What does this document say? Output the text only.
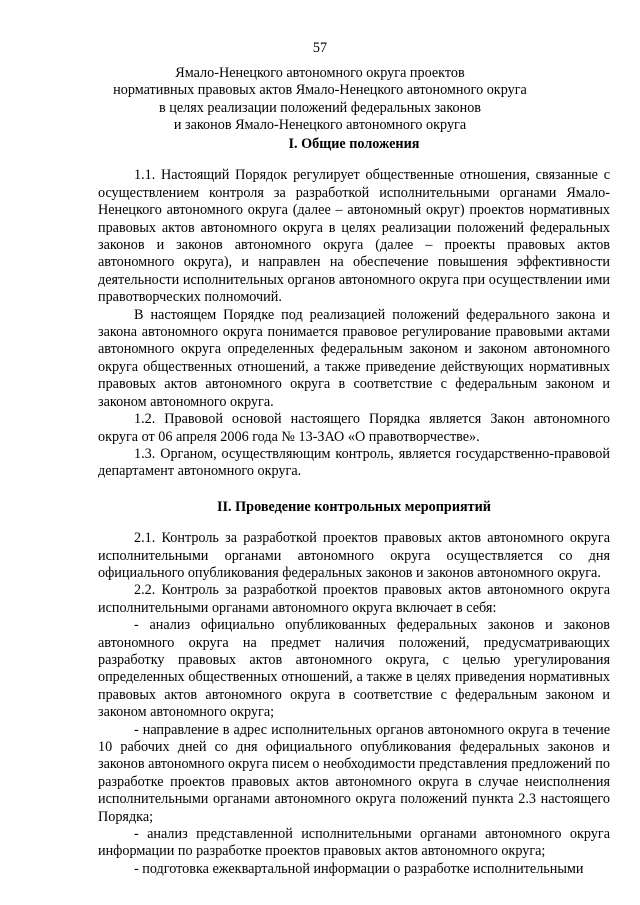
57
Ямало-Ненецкого автономного округа проектов
нормативных правовых актов Ямало-Ненецкого автономного округа
в целях реализации положений федеральных законов
и законов Ямало-Ненецкого автономного округа
I. Общие положения

1.1. Настоящий Порядок регулирует общественные отношения, связанные с осуществлением контроля за разработкой исполнительными органами Ямало-Ненецкого автономного округа (далее – автономный округ) проектов нормативных правовых актов автономного округа в целях реализации положений федеральных законов и законов автономного округа (далее – проекты правовых актов автономного округа), и направлен на обеспечение повышения эффективности деятельности исполнительных органов автономного округа при осуществлении ими правотворческих полномочий.

В настоящем Порядке под реализацией положений федерального закона и закона автономного округа понимается правовое регулирование правовыми актами автономного округа определенных федеральным законом и законом автономного округа общественных отношений, а также приведение действующих нормативных правовых актов автономного округа в соответствие с федеральным законом и законом автономного округа.

1.2. Правовой основой настоящего Порядка является Закон автономного округа от 06 апреля 2006 года № 13-ЗАО «О правотворчестве».

1.3. Органом, осуществляющим контроль, является государственно-правовой департамент автономного округа.

II. Проведение контрольных мероприятий

2.1. Контроль за разработкой проектов правовых актов автономного округа исполнительными органами автономного округа осуществляется со дня официального опубликования федеральных законов и законов автономного округа.

2.2. Контроль за разработкой проектов правовых актов автономного округа исполнительными органами автономного округа включает в себя:

- анализ официально опубликованных федеральных законов и законов автономного округа на предмет наличия положений, предусматривающих разработку правовых актов автономного округа, с целью урегулирования определенных общественных отношений, а также в целях приведения нормативных правовых актов автономного округа в соответствие с федеральным законом и законом автономного округа;

- направление в адрес исполнительных органов автономного округа в течение 10 рабочих дней со дня официального опубликования федеральных законов и законов автономного округа писем о необходимости представления предложений по разработке проектов правовых актов автономного округа в случае неисполнения исполнительными органами автономного округа положений пункта 2.3 настоящего Порядка;

- анализ представленной исполнительными органами автономного округа информации по разработке проектов правовых актов автономного округа;

- подготовка ежеквартальной информации о разработке исполнительными
